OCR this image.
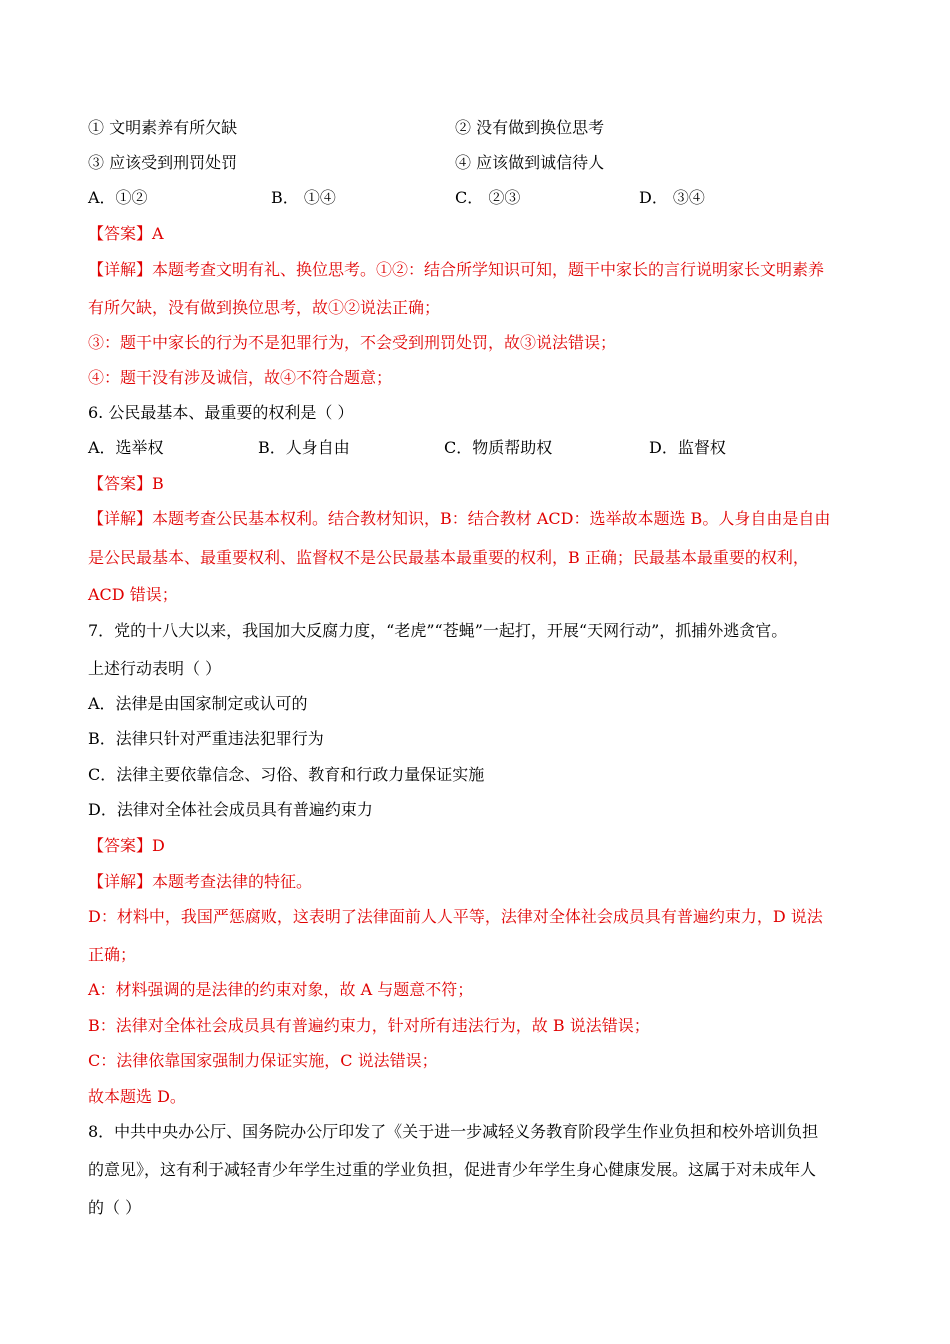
① 文明素养有所欠缺	② 没有做到换位思考
③ 应该受到刑罚处罚	④ 应该做到诚信待人
A．①②	B． ①④	C． ②③	D． ③④
【答案】A
【详解】本题考查文明有礼、换位思考。①②：结合所学知识可知，题干中家长的言行说明家长文明素养
有所欠缺，没有做到换位思考，故①②说法正确；
③：题干中家长的行为不是犯罪行为，不会受到刑罚处罚，故③说法错误；
④：题干没有涉及诚信，故④不符合题意；
6. 公民最基本、最重要的权利是（ ）
A．选举权	B．人身自由	C．物质帮助权	D．监督权
【答案】B
【详解】本题考查公民基本权利。结合教材知识，B：结合教材 ACD：选举故本题选 B。人身自由是自由
是公民最基本、最重要权利、监督权不是公民最基本最重要的权利，B 正确；民最基本最重要的权利，
ACD 错误；
7．党的十八大以来，我国加大反腐力度，“老虎”“苍蝇”一起打，开展“天网行动”，抓捕外逃贪官。
上述行动表明（ ）
A．法律是由国家制定或认可的
B．法律只针对严重违法犯罪行为
C．法律主要依靠信念、习俗、教育和行政力量保证实施
D．法律对全体社会成员具有普遍约束力
【答案】D
【详解】本题考查法律的特征。
D：材料中，我国严惩腐败，这表明了法律面前人人平等，法律对全体社会成员具有普遍约束力，D 说法
正确；
A：材料强调的是法律的约束对象，故 A 与题意不符；
B：法律对全体社会成员具有普遍约束力，针对所有违法行为，故 B 说法错误；
C：法律依靠国家强制力保证实施，C 说法错误；
故本题选 D。
8．中共中央办公厅、国务院办公厅印发了《关于进一步减轻义务教育阶段学生作业负担和校外培训负担
的意见》，这有利于减轻青少年学生过重的学业负担，促进青少年学生身心健康发展。这属于对未成年人
的（ ）
